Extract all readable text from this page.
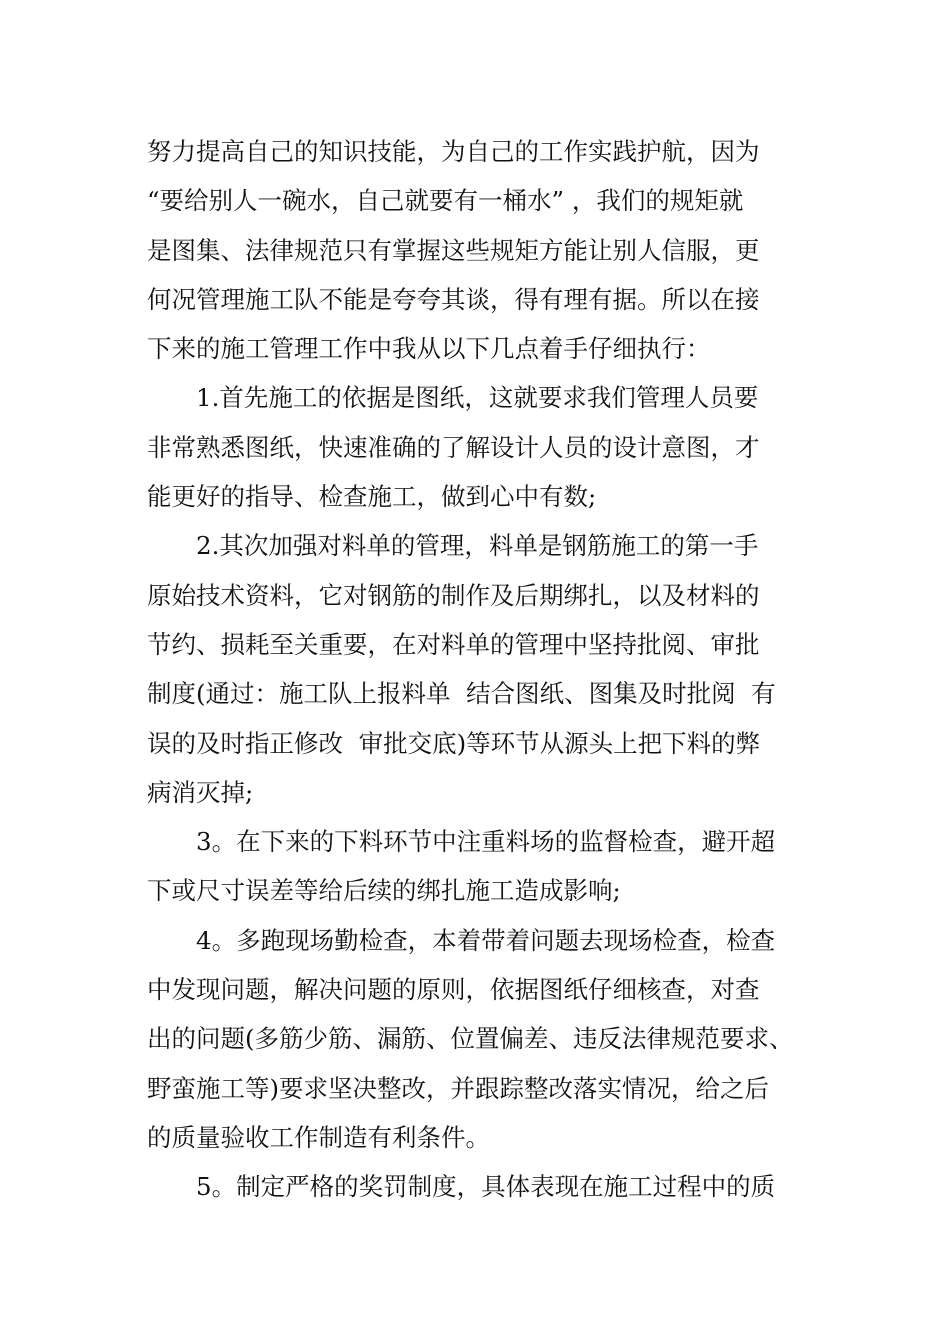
努力提高自己的知识技能，为自己的工作实践护航，因为
“要给别人一碗水，自己就要有一桶水” ，我们的规矩就
是图集、法律规范只有掌握这些规矩方能让别人信服，更
何况管理施工队不能是夸夸其谈，得有理有据。所以在接
下来的施工管理工作中我从以下几点着手仔细执行：
1.首先施工的依据是图纸，这就要求我们管理人员要
非常熟悉图纸，快速准确的了解设计人员的设计意图，才
能更好的指导、检查施工，做到心中有数;
2.其次加强对料单的管理，料单是钢筋施工的第一手
原始技术资料，它对钢筋的制作及后期绑扎，以及材料的
节约、损耗至关重要，在对料单的管理中坚持批阅、审批
制度(通过：施工队上报料单  结合图纸、图集及时批阅  有
误的及时指正修改  审批交底)等环节从源头上把下料的弊
病消灭掉;
3。在下来的下料环节中注重料场的监督检查，避开超
下或尺寸误差等给后续的绑扎施工造成影响;
4。多跑现场勤检查，本着带着问题去现场检查，检查
中发现问题，解决问题的原则，依据图纸仔细核查，对查
出的问题(多筋少筋、漏筋、位置偏差、违反法律规范要求、
野蛮施工等)要求坚决整改，并跟踪整改落实情况，给之后
的质量验收工作制造有利条件。
5。制定严格的奖罚制度，具体表现在施工过程中的质
